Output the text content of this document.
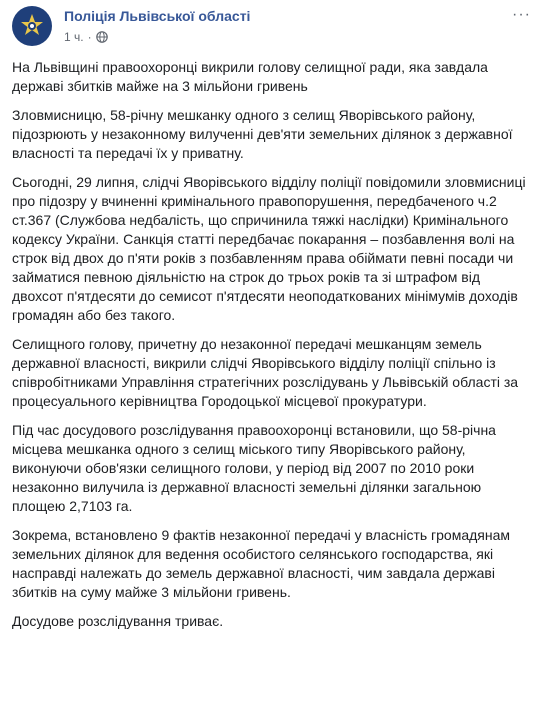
Поліція Львівської області
1 ч. ·
···

На Львівщині правоохоронці викрили голову селищної ради, яка завдала державі збитків майже на 3 мільйони гривень

Зловмисницю, 58-річну мешканку одного з селищ Яворівського району, підозрюють у незаконному вилученні дев'яти земельних ділянок з державної власності та передачі їх у приватну.

Сьогодні, 29 липня, слідчі Яворівського відділу поліції повідомили зловмисниці про підозру у вчиненні кримінального правопорушення, передбаченого ч.2 ст.367 (Службова недбалість, що спричинила тяжкі наслідки) Кримінального кодексу України. Санкція статті передбачає покарання – позбавлення волі на строк від двох до п'яти років з позбавленням права обіймати певні посади чи займатися певною діяльністю на строк до трьох років та зі штрафом від двохсот п'ятдесяти до семисот п'ятдесяти неоподаткованих мінімумів доходів громадян або без такого.

Селищного голову, причетну до незаконної передачі мешканцям земель державної власності, викрили слідчі Яворівського відділу поліції спільно із співробітниками Управління стратегічних розслідувань у Львівській області за процесуального керівництва Городоцької місцевої прокуратури.

Під час досудового розслідування правоохоронці встановили, що 58-річна місцева мешканка одного з селищ міського типу Яворівського району, виконуючи обов'язки селищного голови, у період від 2007 по 2010 роки незаконно вилучила із державної власності земельні ділянки загальною площею 2,7103 га.

Зокрема, встановлено 9 фактів незаконної передачі у власність громадянам земельних ділянок для ведення особистого селянського господарства, які насправді належать до земель державної власності, чим завдала державі збитків на суму майже 3 мільйони гривень.

Досудове розслідування триває.
